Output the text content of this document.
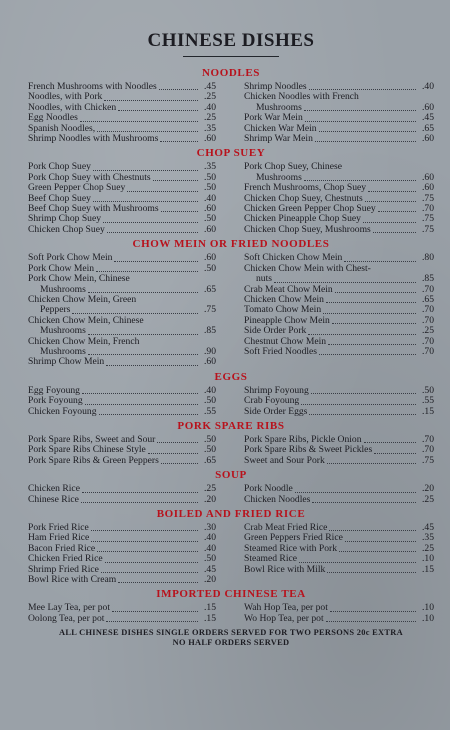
CHINESE DISHES
NOODLES
French Mushrooms with Noodles	.45
Noodles, with Pork	.25
Noodles, with Chicken	.40
Egg Noodles	.25
Spanish Noodles,	.35
Shrimp Noodles with Mushrooms	.60
Shrimp Noodles	.40
Chicken Noodles with French
Mushrooms	.60
Pork War Mein	.45
Chicken War Mein	.65
Shrimp War Mein	.60
CHOP SUEY
Pork Chop Suey	.35
Pork Chop Suey with Chestnuts	.50
Green Pepper Chop Suey	.50
Beef Chop Suey	.40
Beef Chop Suey with Mushrooms	.60
Shrimp Chop Suey	.50
Chicken Chop Suey	.60
Pork Chop Suey, Chinese
Mushrooms	.60
French Mushrooms, Chop Suey	.60
Chicken Chop Suey, Chestnuts	.75
Chicken Green Pepper Chop Suey	.70
Chicken Pineapple Chop Suey	.75
Chicken Chop Suey, Mushrooms	.75
CHOW MEIN OR FRIED NOODLES
Soft Pork Chow Mein	.60
Pork Chow Mein	.50
Pork Chow Mein, Chinese
Mushrooms	.65
Chicken Chow Mein, Green
Peppers	.75
Chicken Chow Mein, Chinese
Mushrooms	.85
Chicken Chow Mein, French
Mushrooms	.90
Shrimp Chow Mein	.60
Soft Chicken Chow Mein	.80
Chicken Chow Mein with Chest-
nuts	.85
Crab Meat Chow Mein	.70
Chicken Chow Mein	.65
Tomato Chow Mein	.70
Pineapple Chow Mein	.70
Side Order Pork	.25
Chestnut Chow Mein	.70
Soft Fried Noodles	.70
EGGS
Egg Foyoung	.40
Pork Foyoung	.50
Chicken Foyoung	.55
Shrimp Foyoung	.50
Crab Foyoung	.55
Side Order Eggs	.15
PORK SPARE RIBS
Pork Spare Ribs, Sweet and Sour	.50
Pork Spare Ribs Chinese Style	.50
Pork Spare Ribs & Green Peppers	.65
Pork Spare Ribs, Pickle Onion	.70
Pork Spare Ribs & Sweet Pickles	.70
Sweet and Sour Pork	.75
SOUP
Chicken Rice	.25
Chinese Rice	.20
Pork Noodle	.20
Chicken Noodles	.25
BOILED AND FRIED RICE
Pork Fried Rice	.30
Ham Fried Rice	.40
Bacon Fried Rice	.40
Chicken Fried Rice	.50
Shrimp Fried Rice	.45
Bowl Rice with Cream	.20
Crab Meat Fried Rice	.45
Green Peppers Fried Rice	.35
Steamed Rice with Pork	.25
Steamed Rice	.10
Bowl Rice with Milk	.15
IMPORTED CHINESE TEA
Mee Lay Tea, per pot	.15
Oolong Tea, per pot	.15
Wah Hop Tea, per pot	.10
Wo Hop Tea, per pot	.10
ALL CHINESE DISHES SINGLE ORDERS SERVED FOR TWO PERSONS 20c EXTRA
NO HALF ORDERS SERVED
